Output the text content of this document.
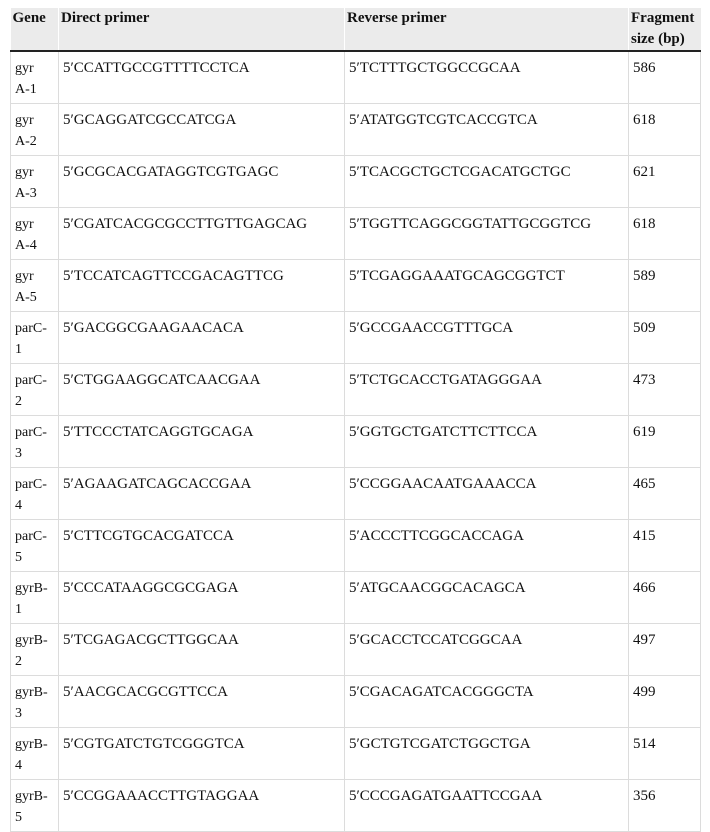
Gene	Direct primer	Reverse primer	Fragment
size (bp)
gyr
A-1	5′CCATTGCCGTTTTCCTCA	5′TCTTTGCTGGCCGCAA	586
gyr
A-2	5′GCAGGATCGCCATCGA	5′ATATGGTCGTCACCGTCA	618
gyr
A-3	5′GCGCACGATAGGTCGTGAGC	5′TCACGCTGCTCGACATGCTGC	621
gyr
A-4	5′CGATCACGCGCCTTGTTGAGCAG	5′TGGTTCAGGCGGTATTGCGGTCG	618
gyr
A-5	5′TCCATCAGTTCCGACAGTTCG	5′TCGAGGAAATGCAGCGGTCT	589
parC-
1	5′GACGGCGAAGAACACA	5′GCCGAACCGTTTGCA	509
parC-
2	5′CTGGAAGGCATCAACGAA	5′TCTGCACCTGATAGGGAA	473
parC-
3	5′TTCCCTATCAGGTGCAGA	5′GGTGCTGATCTTCTTCCA	619
parC-
4	5′AGAAGATCAGCACCGAA	5′CCGGAACAATGAAACCA	465
parC-
5	5′CTTCGTGCACGATCCA	5′ACCCTTCGGCACCAGA	415
gyrB-
1	5′CCCATAAGGCGCGAGA	5′ATGCAACGGCACAGCA	466
gyrB-
2	5′TCGAGACGCTTGGCAA	5′GCACCTCCATCGGCAA	497
gyrB-
3	5′AACGCACGCGTTCCA	5′CGACAGATCACGGGCTA	499
gyrB-
4	5′CGTGATCTGTCGGGTCA	5′GCTGTCGATCTGGCTGA	514
gyrB-
5	5′CCGGAAACCTTGTAGGAA	5′CCCGAGATGAATTCCGAA	356
